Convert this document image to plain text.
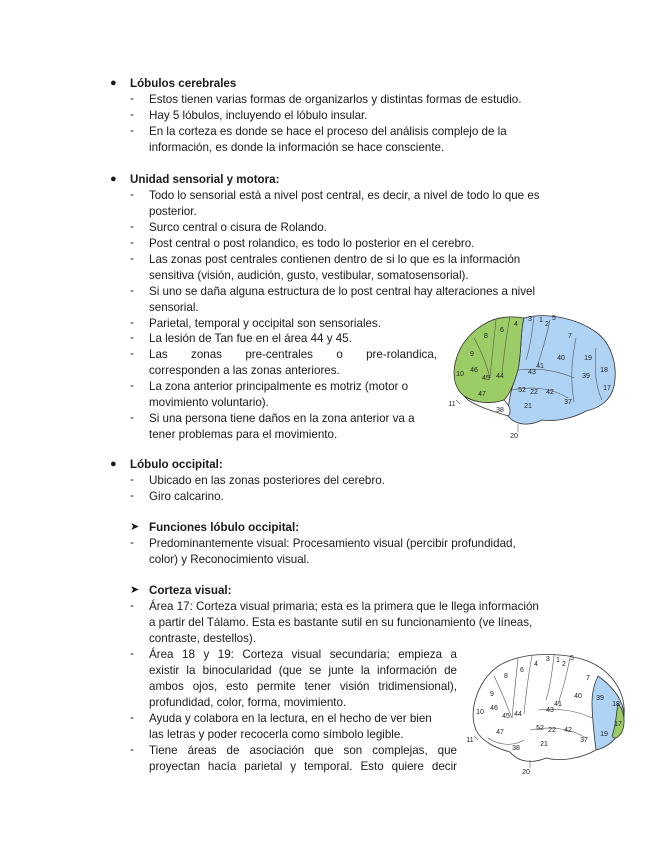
● Lóbulos cerebrales
- Estos tienen varias formas de organizarlos y distintas formas de estudio.
- Hay 5 lóbulos, incluyendo el lóbulo insular.
- En la corteza es donde se hace el proceso del análisis complejo de la
información, es donde la información se hace consciente.
● Unidad sensorial y motora:
- Todo lo sensorial está a nivel post central, es decir, a nivel de todo lo que es
posterior.
- Surco central o cisura de Rolando.
- Post central o post rolandico, es todo lo posterior en el cerebro.
- Las zonas post centrales contienen dentro de si lo que es la información
sensitiva (visión, audición, gusto, vestibular, somatosensorial).
- Si uno se daña alguna estructura de lo post central hay alteraciones a nivel
sensorial.
- Parietal, temporal y occipital son sensoriales.
- La lesión de Tan fue en el área 44 y 45.
- Las zonas pre-centrales o pre-rolandica,
corresponden a las zonas anteriores.
- La zona anterior principalmente es motriz (motor o
movimiento voluntario).
- Si una persona tiene daños en la zona anterior va a
tener problemas para el movimiento.
1
2
3
4
5
6
7
8
9
10
11
17
18
19
20
21
22
37
38
39
40
41
42
43
44
45
46
47
52
● Lóbulo occipital:
- Ubicado en las zonas posteriores del cerebro.
- Giro calcarino.
➤ Funciones lóbulo occipital:
- Predominantemente visual: Procesamiento visual (percibir profundidad,
color) y Reconocimiento visual.
➤ Corteza visual:
- Área 17: Corteza visual primaria; esta es la primera que le llega información
a partir del Tálamo. Esta es bastante sutil en su funcionamiento (ve líneas,
contraste, destellos).
- Área 18 y 19: Corteza visual secundaria; empieza a
existir la binocularidad (que se junte la información de
ambos ojos, esto permite tener visión tridimensional),
profundidad, color, forma, movimiento.
- Ayuda y colabora en la lectura, en el hecho de ver bien
las letras y poder recocerla como símbolo legible.
- Tiene áreas de asociación que son complejas, que
proyectan hacía parietal y temporal. Esto quiere decir
1
2
3
4
5
6
7
8
9
10
11
17
18
19
20
21
22
37
38
39
40
41
42
43
44
45
46
47
52
